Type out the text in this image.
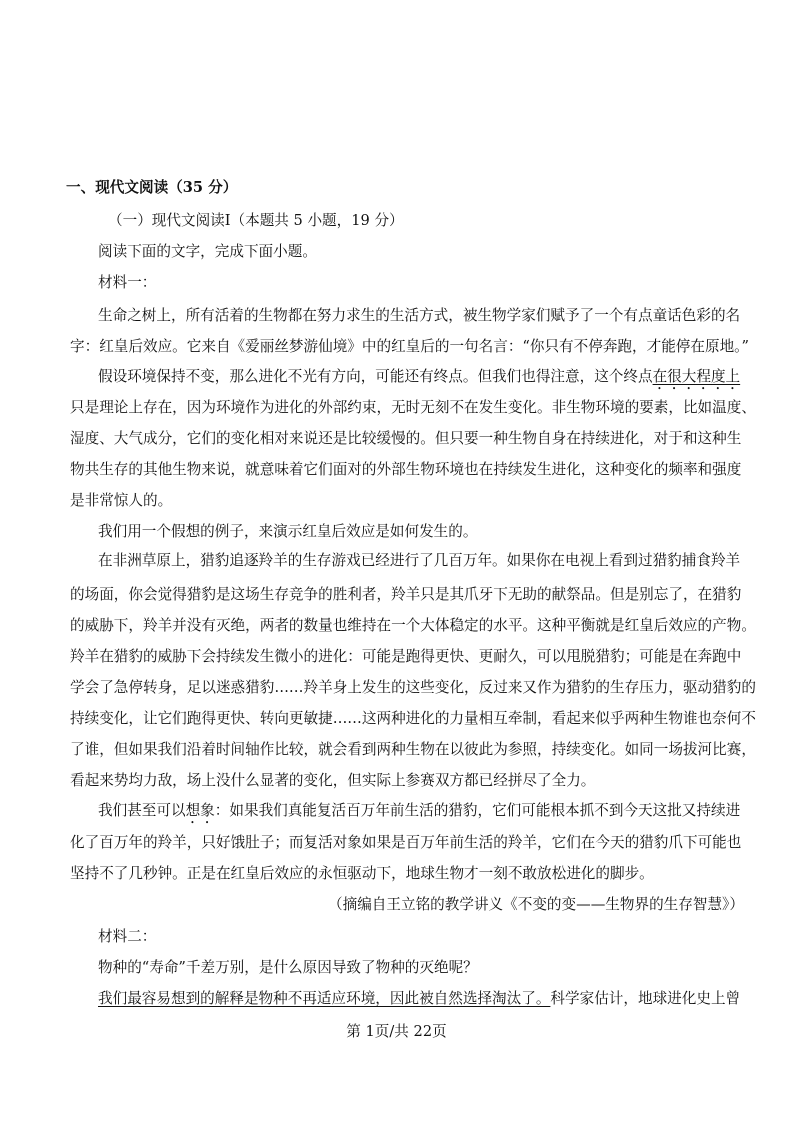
一、现代文阅读（35 分）
（一）现代文阅读Ⅰ（本题共 5 小题，19 分）
阅读下面的文字，完成下面小题。
材料一：
生命之树上，所有活着的生物都在努力求生的生活方式，被生物学家们赋予了一个有点童话色彩的名
字：红皇后效应。它来自《爱丽丝梦游仙境》中的红皇后的一句名言：“你只有不停奔跑，才能停在原地。”
假设环境保持不变，那么进化不光有方向，可能还有终点。但我们也得注意，这个终点在很大程度上
只是理论上存在，因为环境作为进化的外部约束，无时无刻不在发生变化。非生物环境的要素，比如温度、
湿度、大气成分，它们的变化相对来说还是比较缓慢的。但只要一种生物自身在持续进化，对于和这种生
物共生存的其他生物来说，就意味着它们面对的外部生物环境也在持续发生进化，这种变化的频率和强度
是非常惊人的。
我们用一个假想的例子，来演示红皇后效应是如何发生的。
在非洲草原上，猎豹追逐羚羊的生存游戏已经进行了几百万年。如果你在电视上看到过猎豹捕食羚羊
的场面，你会觉得猎豹是这场生存竞争的胜利者，羚羊只是其爪牙下无助的献祭品。但是别忘了，在猎豹
的威胁下，羚羊并没有灭绝，两者的数量也维持在一个大体稳定的水平。这种平衡就是红皇后效应的产物。
羚羊在猎豹的威胁下会持续发生微小的进化：可能是跑得更快、更耐久，可以甩脱猎豹；可能是在奔跑中
学会了急停转身，足以迷惑猎豹……羚羊身上发生的这些变化，反过来又作为猎豹的生存压力，驱动猎豹的
持续变化，让它们跑得更快、转向更敏捷……这两种进化的力量相互牵制，看起来似乎两种生物谁也奈何不
了谁，但如果我们沿着时间轴作比较，就会看到两种生物在以彼此为参照，持续变化。如同一场拔河比赛，
看起来势均力敌，场上没什么显著的变化，但实际上参赛双方都已经拼尽了全力。
我们甚至可以想象：如果我们真能复活百万年前生活的猎豹，它们可能根本抓不到今天这批又持续进
化了百万年的羚羊，只好饿肚子；而复活对象如果是百万年前生活的羚羊，它们在今天的猎豹爪下可能也
坚持不了几秒钟。正是在红皇后效应的永恒驱动下，地球生物才一刻不敢放松进化的脚步。
（摘编自王立铭的教学讲义《不变的变——生物界的生存智慧》）
材料二：
物种的“寿命”千差万别，是什么原因导致了物种的灭绝呢？
我们最容易想到的解释是物种不再适应环境，因此被自然选择淘汰了。科学家估计，地球进化史上曾
第 1页/共 22页
